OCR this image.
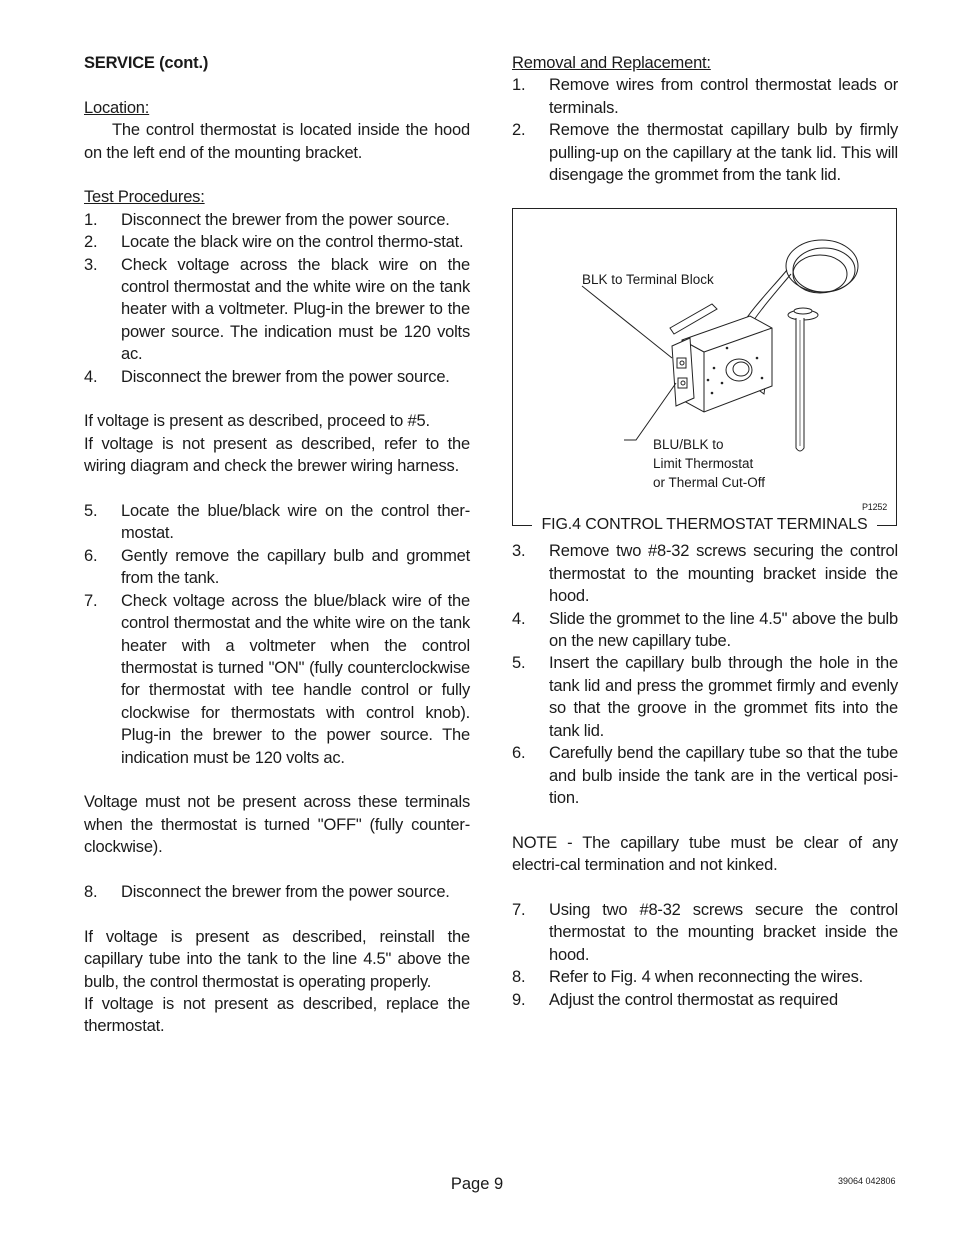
SERVICE (cont.)

Location:

The control thermostat is located inside the hood on the left end of the mounting bracket.

Test Procedures:

1. Disconnect the brewer from the power source.
2. Locate the black wire on the control thermo-stat.
3. Check voltage across the black wire on the control thermostat and the white wire on the tank heater with a voltmeter. Plug-in the brewer to the power source. The indication must be 120 volts ac.
4. Disconnect the brewer from the power source.

If voltage is present as described, proceed to #5.

If voltage is not present as described, refer to the wiring diagram and check the brewer wiring harness.

5. Locate the blue/black wire on the control ther-mostat.
6. Gently remove the capillary bulb and grommet from the tank.
7. Check voltage across the blue/black wire of the control thermostat and the white wire on the tank heater with a voltmeter when the control thermostat is turned "ON" (fully counterclockwise for thermostat with tee handle control or fully clockwise for thermostats with control knob). Plug-in the brewer to the power source. The indication must be 120 volts ac.

Voltage must not be present across these terminals when the thermostat is turned "OFF" (fully counter-clockwise).

8. Disconnect the brewer from the power source.

If voltage is present as described, reinstall the capillary tube into the tank to the line 4.5" above the bulb, the control thermostat is operating properly.

If voltage is not present as described, replace the thermostat.

Removal and Replacement:

1. Remove wires from control thermostat leads or terminals.
2. Remove the thermostat capillary bulb by firmly pulling-up on the capillary at the tank lid. This will disengage the grommet from the tank lid.
BLK to Terminal Block
BLU/BLK to
Limit Thermostat
or Thermal Cut-Off
P1252
FIG.4 CONTROL THERMOSTAT TERMINALS
3. Remove two #8-32 screws securing the control thermostat to the mounting bracket inside the hood.
4. Slide the grommet to the line 4.5" above the bulb on the new capillary tube.
5. Insert the capillary bulb through the hole in the tank lid and press the grommet firmly and evenly so that the groove in the grommet fits into the tank lid.
6. Carefully bend the capillary tube so that the tube and bulb inside the tank are in the vertical posi-tion.

NOTE - The capillary tube must be clear of any electri-cal termination and not kinked.

7. Using two #8-32 screws secure the control thermostat to the mounting bracket inside the hood.
8. Refer to Fig. 4 when reconnecting the wires.
9. Adjust the control thermostat as required
Page 9	39064 042806
